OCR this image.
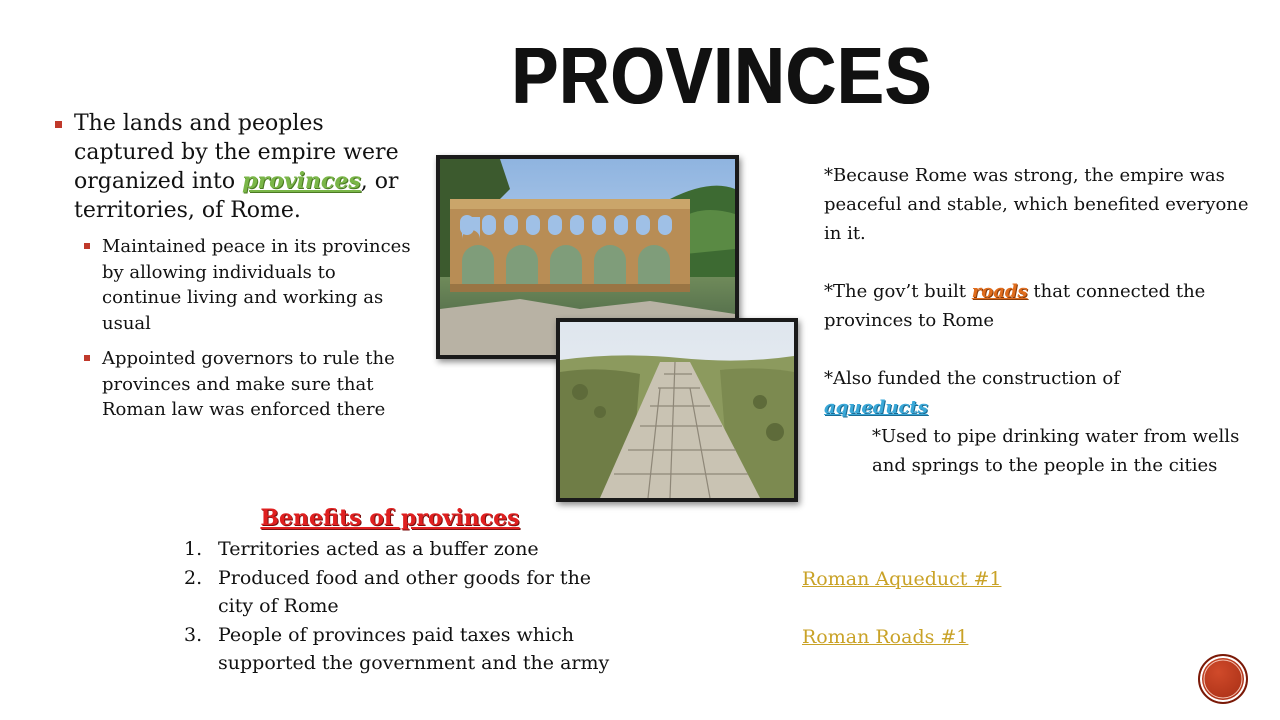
PROVINCES
The lands and peoples captured by the empire were organized into provinces, or territories, of Rome.
Maintained peace in its provinces by allowing individuals to continue living and working as usual
Appointed governors to rule the provinces and make sure that Roman law was enforced there

*Because Rome was strong, the empire was peaceful and stable, which benefited everyone in it.

*The gov’t built roads that connected the provinces to Rome

*Also funded the construction of
aqueducts

*Used to pipe drinking water from wells and springs to the people in the cities

Benefits of provinces
1. Territories acted as a buffer zone
2. Produced food and other goods for the city of Rome
3. People of provinces paid taxes which supported the government and the army
Roman Aqueduct #1
Roman Roads #1
